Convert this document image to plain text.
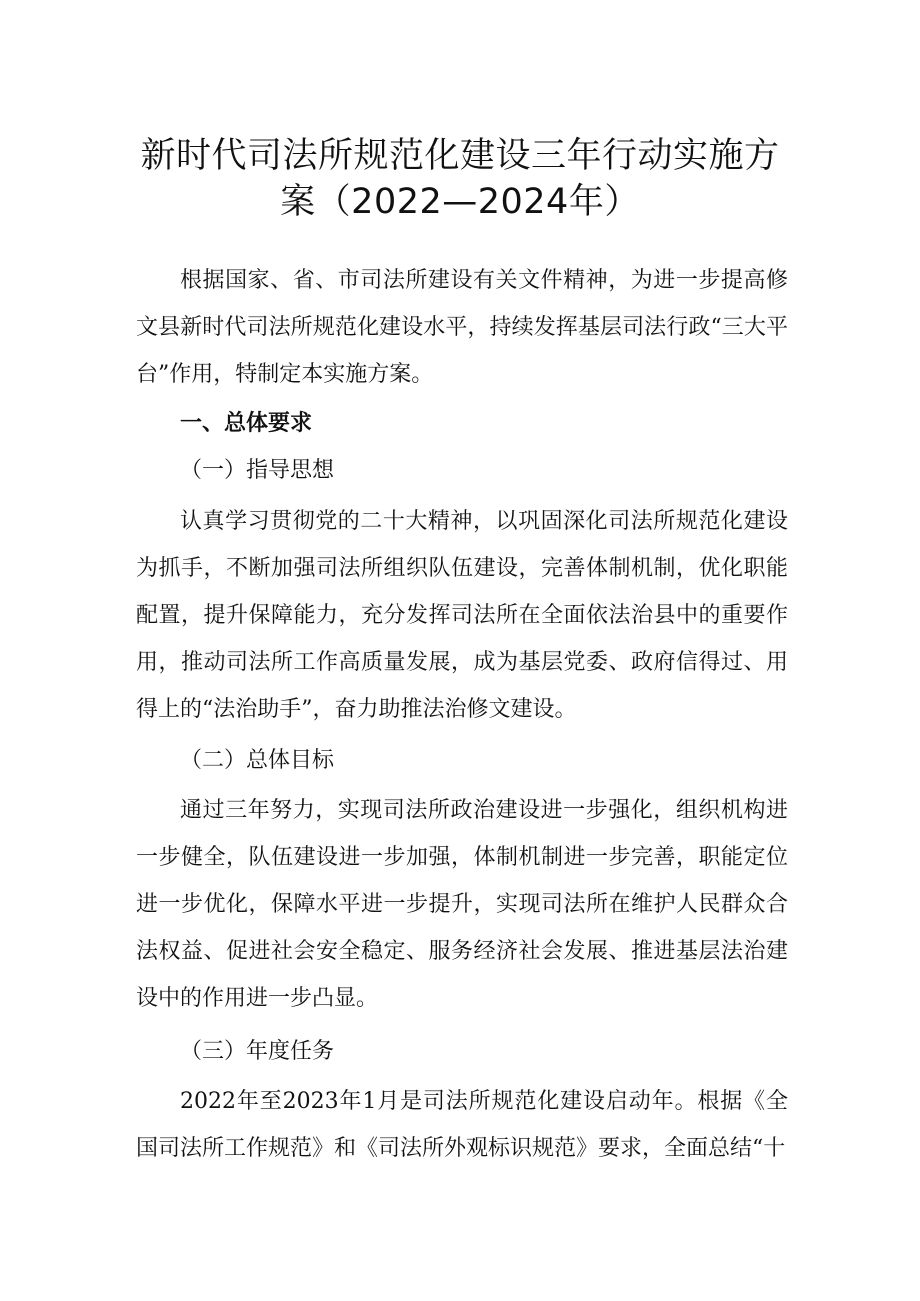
新时代司法所规范化建设三年行动实施方
案（2022—2024年）

根据国家、省、市司法所建设有关文件精神，为进一步提高修文县新时代司法所规范化建设水平，持续发挥基层司法行政“三大平台”作用，特制定本实施方案。

一、总体要求
（一）指导思想

认真学习贯彻党的二十大精神，以巩固深化司法所规范化建设为抓手，不断加强司法所组织队伍建设，完善体制机制，优化职能配置，提升保障能力，充分发挥司法所在全面依法治县中的重要作用，推动司法所工作高质量发展，成为基层党委、政府信得过、用得上的“法治助手”，奋力助推法治修文建设。

（二）总体目标

通过三年努力，实现司法所政治建设进一步强化，组织机构进一步健全，队伍建设进一步加强，体制机制进一步完善，职能定位进一步优化，保障水平进一步提升，实现司法所在维护人民群众合法权益、促进社会安全稳定、服务经济社会发展、推进基层法治建设中的作用进一步凸显。

（三）年度任务

2022年至2023年1月是司法所规范化建设启动年。根据《全国司法所工作规范》和《司法所外观标识规范》要求，全面总结“十
